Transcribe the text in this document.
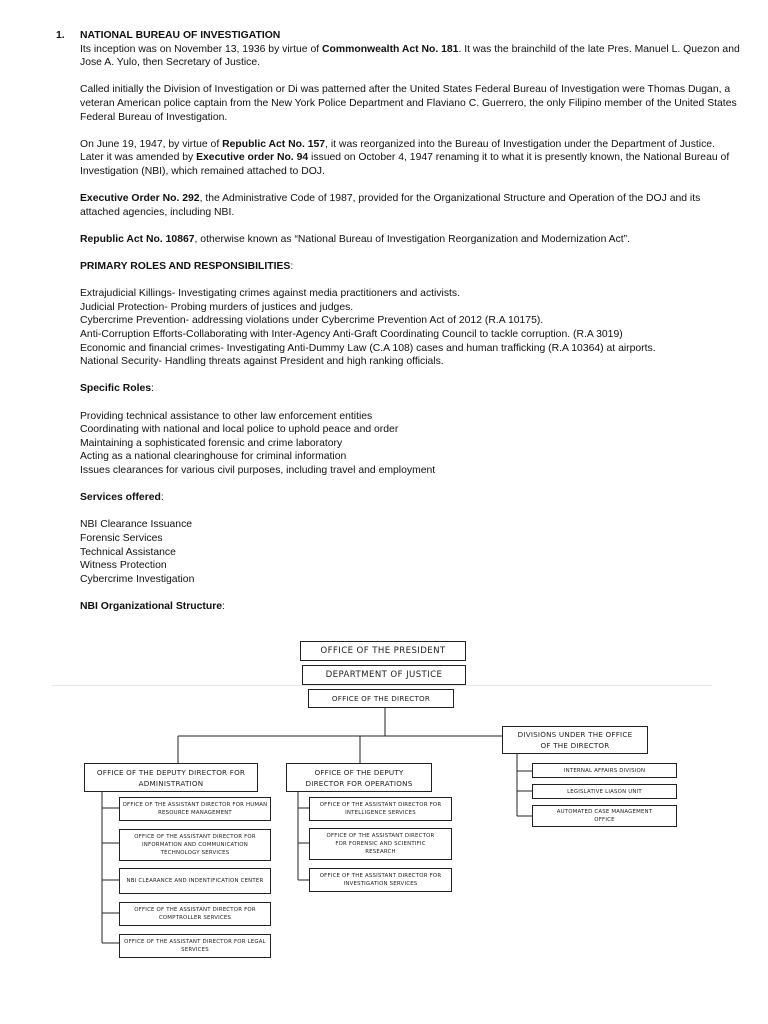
1. NATIONAL BUREAU OF INVESTIGATION

Its inception was on November 13, 1936 by virtue of Commonwealth Act No. 181. It was the brainchild of the late Pres. Manuel L. Quezon and Jose A. Yulo, then Secretary of Justice.

Called initially the Division of Investigation or Di was patterned after the United States Federal Bureau of Investigation were Thomas Dugan, a veteran American police captain from the New York Police Department and Flaviano C. Guerrero, the only Filipino member of the United States Federal Bureau of Investigation.

On June 19, 1947, by virtue of Republic Act No. 157, it was reorganized into the Bureau of Investigation under the Department of Justice. Later it was amended by Executive order No. 94 issued on October 4, 1947 renaming it to what it is presently known, the National Bureau of Investigation (NBI), which remained attached to DOJ.

Executive Order No. 292, the Administrative Code of 1987, provided for the Organizational Structure and Operation of the DOJ and its attached agencies, including NBI.

Republic Act No. 10867, otherwise known as “National Bureau of Investigation Reorganization and Modernization Act”.

PRIMARY ROLES AND RESPONSIBILITIES:
Extrajudicial Killings- Investigating crimes against media practitioners and activists.
Judicial Protection- Probing murders of justices and judges.
Cybercrime Prevention- addressing violations under Cybercrime Prevention Act of 2012 (R.A 10175).
Anti-Corruption Efforts-Collaborating with Inter-Agency Anti-Graft Coordinating Council to tackle corruption. (R.A 3019)
Economic and financial crimes- Investigating Anti-Dummy Law (C.A 108) cases and human trafficking (R.A 10364) at airports.
National Security- Handling threats against President and high ranking officials.
Specific Roles:
Providing technical assistance to other law enforcement entities
Coordinating with national and local police to uphold peace and order
Maintaining a sophisticated forensic and crime laboratory
Acting as a national clearinghouse for criminal information
Issues clearances for various civil purposes, including travel and employment
Services offered:
NBI Clearance Issuance
Forensic Services
Technical Assistance
Witness Protection
Cybercrime Investigation
NBI Organizational Structure:
OFFICE OF THE PRESIDENT
DEPARTMENT OF JUSTICE
OFFICE OF THE DIRECTOR
DIVISIONS UNDER THE OFFICE OF THE DIRECTOR
OFFICE OF THE DEPUTY DIRECTOR FOR ADMINISTRATION
OFFICE OF THE DEPUTY DIRECTOR FOR OPERATIONS
OFFICE OF THE ASSISTANT DIRECTOR FOR HUMAN RESOURCE MANAGEMENT
OFFICE OF THE ASSISTANT DIRECTOR FOR INFORMATION AND COMMUNICATION TECHNOLOGY SERVICES
NBI CLEARANCE AND INDENTIFICATION CENTER
OFFICE OF THE ASSISTANT DIRECTOR FOR COMPTROLLER SERVICES
OFFICE OF THE ASSISTANT DIRECTOR FOR LEGAL SERVICES
OFFICE OF THE ASSISTANT DIRECTOR FOR INTELLIGENCE SERVICES
OFFICE OF THE ASSISTANT DIRECTOR FOR FORENSIC AND SCIENTIFIC RESEARCH
OFFICE OF THE ASSISTANT DIRECTOR FOR INVESTIGATION SERVICES
INTERNAL AFFAIRS DIVISION
LEGISLATIVE LIASON UNIT
AUTOMATED CASE MANAGEMENT OFFICE
